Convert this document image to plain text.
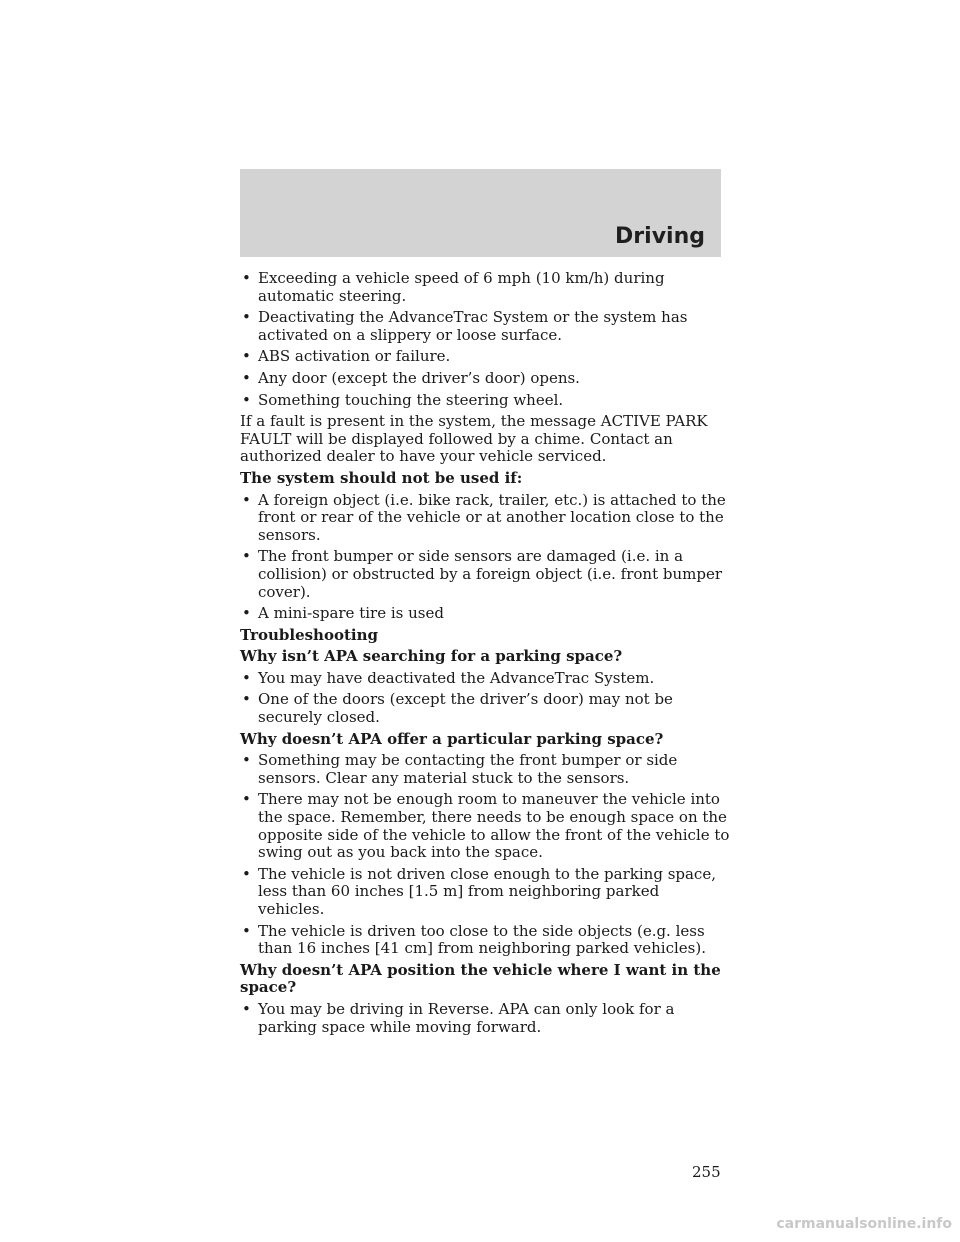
Driving
• Exceeding a vehicle speed of 6 mph (10 km/h) during automatic steering.
• Deactivating the AdvanceTrac System or the system has activated on a slippery or loose surface.
• ABS activation or failure.
• Any door (except the driver’s door) opens.
• Something touching the steering wheel.
If a fault is present in the system, the message ACTIVE PARK FAULT will be displayed followed by a chime. Contact an authorized dealer to have your vehicle serviced.
The system should not be used if:
• A foreign object (i.e. bike rack, trailer, etc.) is attached to the front or rear of the vehicle or at another location close to the sensors.
• The front bumper or side sensors are damaged (i.e. in a collision) or obstructed by a foreign object (i.e. front bumper cover).
• A mini-spare tire is used
Troubleshooting
Why isn’t APA searching for a parking space?
• You may have deactivated the AdvanceTrac System.
• One of the doors (except the driver’s door) may not be securely closed.
Why doesn’t APA offer a particular parking space?
• Something may be contacting the front bumper or side sensors. Clear any material stuck to the sensors.
• There may not be enough room to maneuver the vehicle into the space. Remember, there needs to be enough space on the opposite side of the vehicle to allow the front of the vehicle to swing out as you back into the space.
• The vehicle is not driven close enough to the parking space, less than 60 inches [1.5 m] from neighboring parked vehicles.
• The vehicle is driven too close to the side objects (e.g. less than 16 inches [41 cm] from neighboring parked vehicles).
Why doesn’t APA position the vehicle where I want in the space?
• You may be driving in Reverse. APA can only look for a parking space while moving forward.
255
carmanualsonline.info
